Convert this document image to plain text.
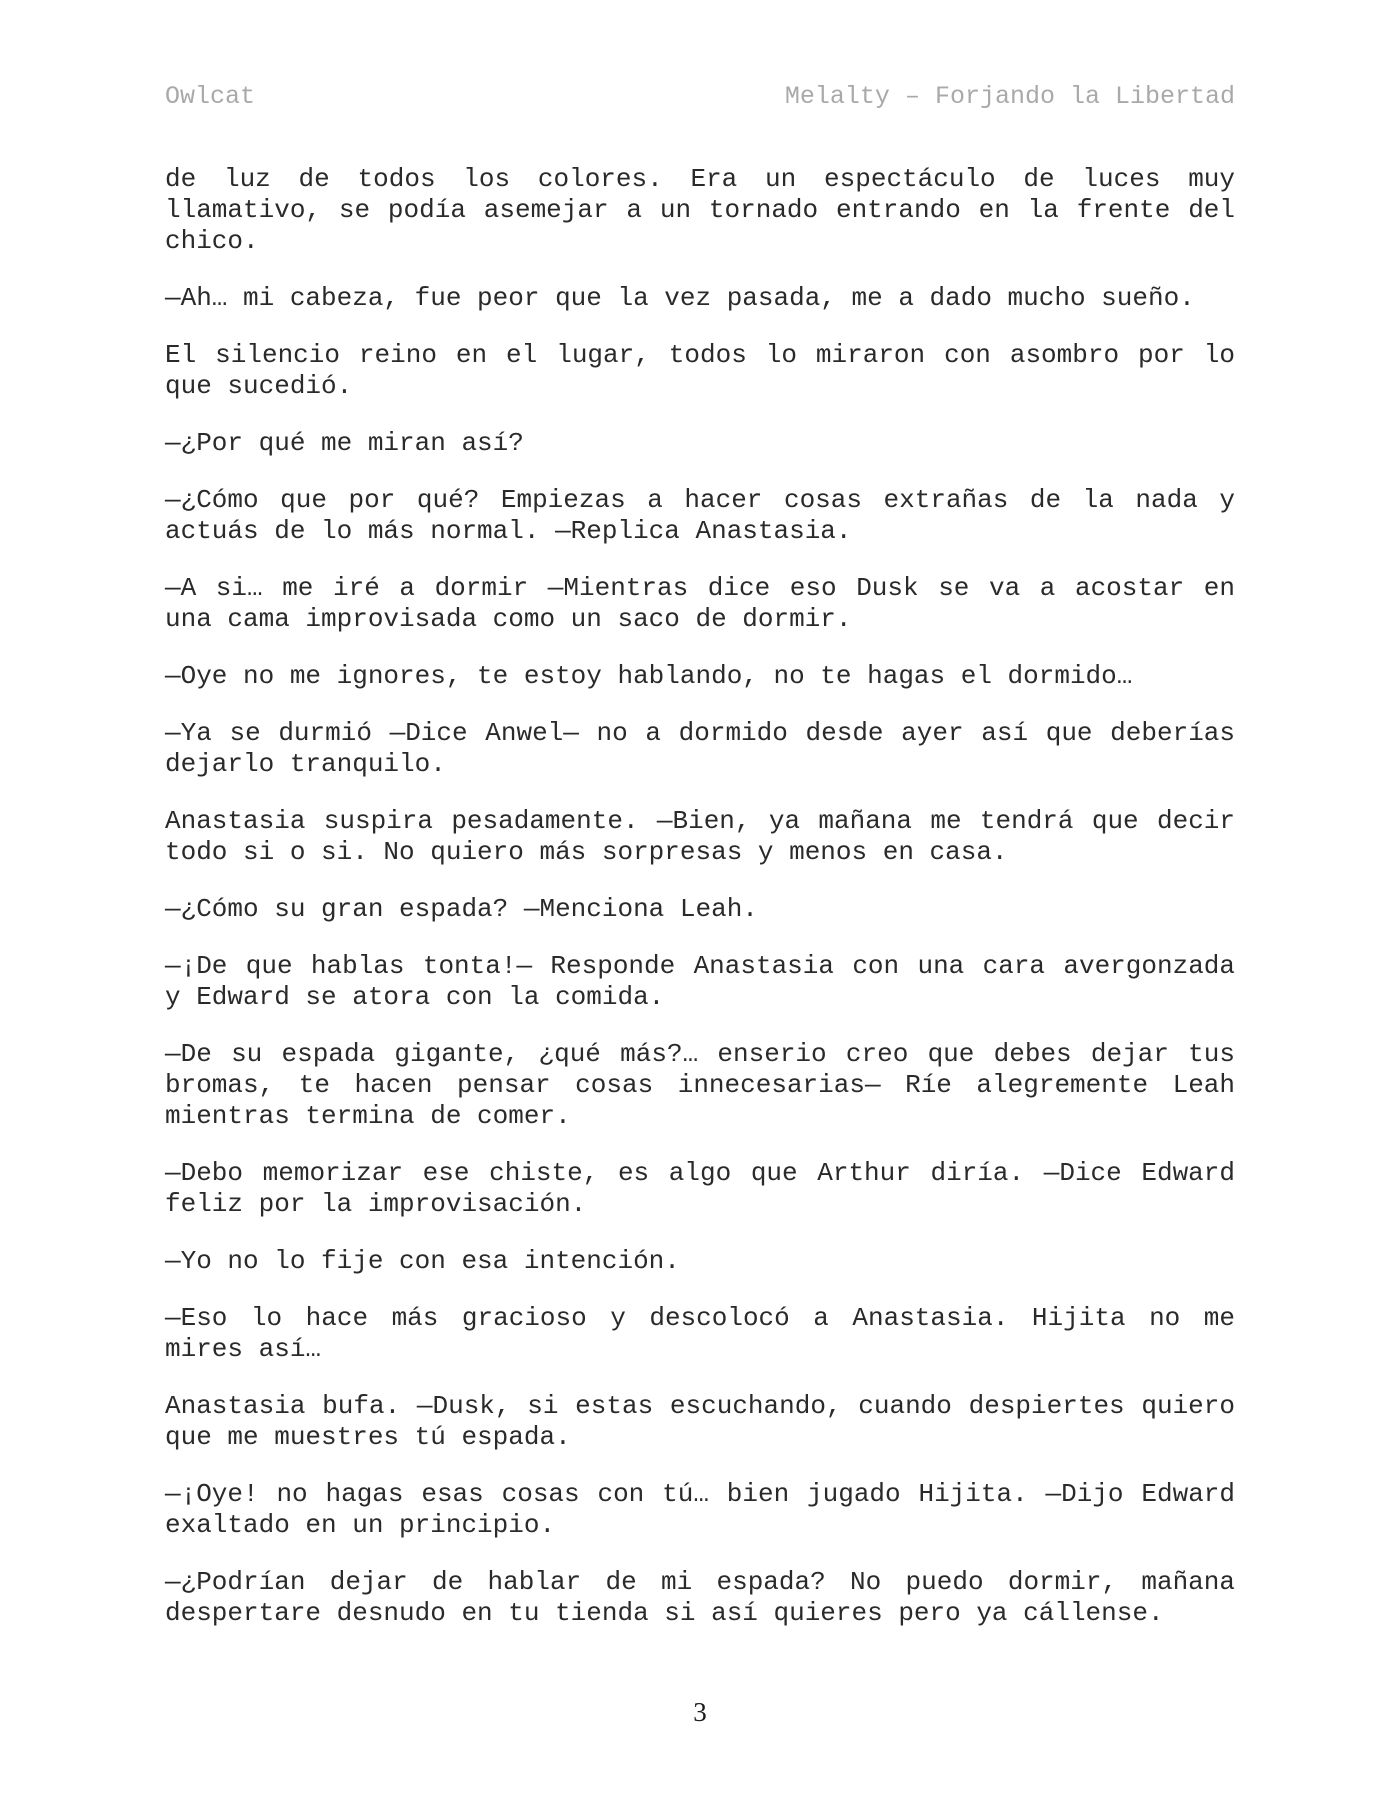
Owlcat	Melalty – Forjando la Libertad

de luz de todos los colores. Era un espectáculo de luces muy llamativo, se podía asemejar a un tornado entrando en la frente del chico.

—Ah… mi cabeza, fue peor que la vez pasada, me a dado mucho sueño.

El silencio reino en el lugar, todos lo miraron con asombro por lo que sucedió.

—¿Por qué me miran así?

—¿Cómo que por qué? Empiezas a hacer cosas extrañas de la nada y actuás de lo más normal. —Replica Anastasia.

—A si… me iré a dormir —Mientras dice eso Dusk se va a acostar en una cama improvisada como un saco de dormir.

—Oye no me ignores, te estoy hablando, no te hagas el dormido…

—Ya se durmió —Dice Anwel— no a dormido desde ayer así que deberías dejarlo tranquilo.

Anastasia suspira pesadamente. —Bien, ya mañana me tendrá que decir todo si o si. No quiero más sorpresas y menos en casa.

—¿Cómo su gran espada? —Menciona Leah.

—¡De que hablas tonta!— Responde Anastasia con una cara avergonzada y Edward se atora con la comida.

—De su espada gigante, ¿qué más?… enserio creo que debes dejar tus bromas, te hacen pensar cosas innecesarias— Ríe alegremente Leah mientras termina de comer.

—Debo memorizar ese chiste, es algo que Arthur diría. —Dice Edward feliz por la improvisación.

—Yo no lo fije con esa intención.

—Eso lo hace más gracioso y descolocó a Anastasia. Hijita no me mires así…

Anastasia bufa. —Dusk, si estas escuchando, cuando despiertes quiero que me muestres tú espada.

—¡Oye! no hagas esas cosas con tú… bien jugado Hijita. —Dijo Edward exaltado en un principio.

—¿Podrían dejar de hablar de mi espada? No puedo dormir, mañana despertare desnudo en tu tienda si así quieres pero ya cállense.

3
